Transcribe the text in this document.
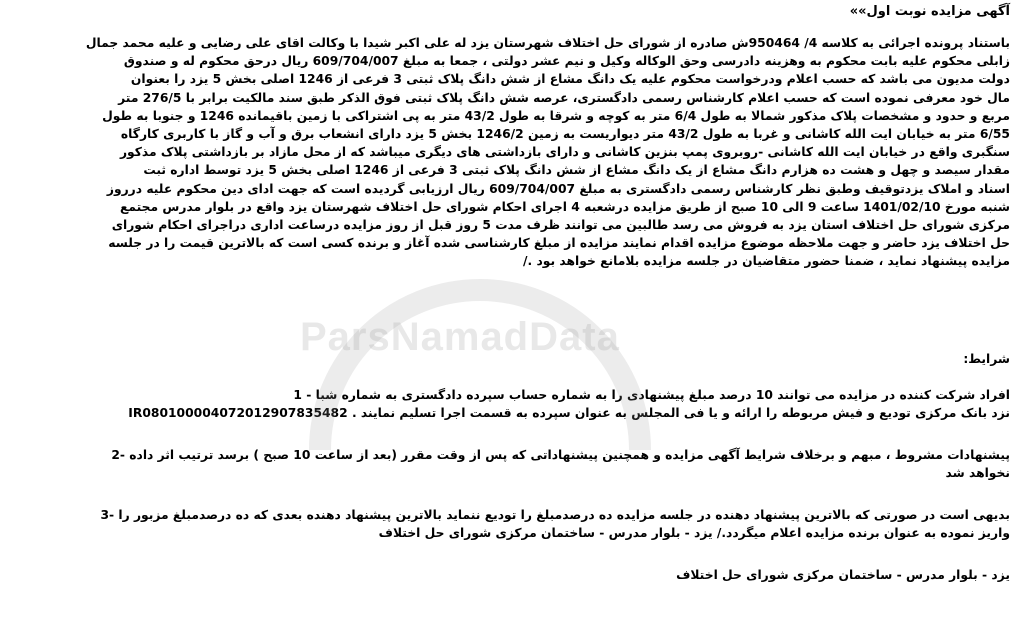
آگهی مزایده نوبت اول»»
باستناد پرونده اجرائی به کلاسه 4/ 950464ش صادره از شورای حل اختلاف شهرستان یزد له علی اکبر شیدا با وکالت اقای علی رضایی و علیه محمد جمال
زابلی محکوم علیه بابت محکوم به وهزینه دادرسی وحق الوکاله وکیل و نیم عشر دولتی ، جمعا به مبلغ 609/704/007 ریال درحق محکوم له و صندوق
دولت مدیون می باشد که حسب اعلام ودرخواست محکوم علیه یک دانگ مشاع از شش دانگ پلاک ثبتی 3 فرعی از 1246 اصلی بخش 5 یزد را بعنوان
مال خود معرفی نموده است که حسب اعلام کارشناس رسمی دادگستری، عرصه شش دانگ پلاک ثبتی فوق الذکر طبق سند مالکیت برابر با 276/5 متر
مربع و حدود و مشخصات پلاک مذکور شمالا به طول 6/4 متر به کوچه و شرقا به طول 43/2 متر به پی اشتراکی با زمین باقیمانده 1246 و جنوبا به طول
6/55 متر به خیابان ایت الله کاشانی و غربا به طول 43/2 متر دیواریست به زمین 1246/2 بخش 5 یزد دارای انشعاب برق و آب و گاز با کاربری کارگاه
سنگبری واقع در خیابان ایت الله کاشانی -روبروی پمپ بنزین کاشانی و دارای بازداشتی های دیگری میباشد که از محل مازاد بر بازداشتی پلاک مذکور
مقدار سیصد و چهل و هشت ده هزارم دانگ مشاع از یک دانگ مشاع از شش دانگ پلاک ثبتی 3 فرعی از 1246 اصلی بخش 5 یزد توسط اداره ثبت
اسناد و املاک یزدتوقیف وطبق نظر کارشناس رسمی دادگستری به مبلغ 609/704/007 ریال ارزیابی گردیده است که جهت ادای دین محکوم علیه درروز
شنبه مورخ 1401/02/10 ساعت 9 الی 10 صبح از طریق مزایده درشعبه 4 اجرای احکام شورای حل اختلاف شهرستان یزد واقع در بلوار مدرس مجتمع
مرکزی شورای حل اختلاف استان یزد به فروش می رسد طالبین می توانند ظرف مدت 5 روز قبل از روز مزایده درساعت اداری دراجرای احکام شورای
حل اختلاف یزد حاضر و جهت ملاحظه موضوع مزایده اقدام نمایند مزایده از مبلغ کارشناسی شده آغاز و برنده کسی است که بالاترین قیمت را در جلسه
مزایده پیشنهاد نماید ، ضمنا حضور متقاضیان در جلسه مزایده بلامانع خواهد بود ./
شرایط:
افراد شرکت کننده در مزایده می توانند 10 درصد مبلغ پیشنهادی را به شماره حساب سپرده دادگستری به شماره شبا - 1
نزد بانک مرکزی تودیع و فیش مربوطه را ارائه و یا فی المجلس به عنوان سپرده به قسمت اجرا تسلیم نمایند . IR080100004072012907835482
پیشنهادات مشروط ، مبهم و برخلاف شرایط آگهی مزایده و همچنین پیشنهاداتی که پس از وقت مقرر (بعد از ساعت 10 صبح ) برسد ترتیب اثر داده -2
نخواهد شد
بدیهی است در صورتی که بالاترین پیشنهاد دهنده در جلسه مزایده ده درصدمبلغ را تودیع ننماید بالاترین پیشنهاد دهنده بعدی که ده درصدمبلغ مزبور را -3
واریز نموده به عنوان برنده مزایده اعلام میگردد./ یزد - بلوار مدرس - ساختمان مرکزی شورای حل اختلاف
یزد - بلوار مدرس - ساختمان مرکزی شورای حل اختلاف
ParsNamadData
